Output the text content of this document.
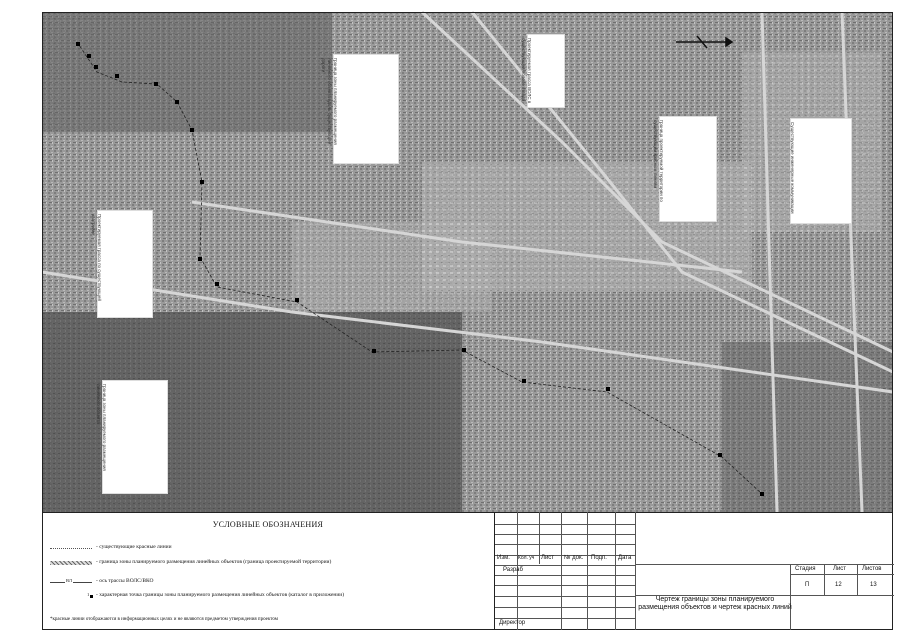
Граница зоны планируемого размещения линейного объекта вдоль существующей дороги	Проектируемая трасса ВОЛС в существующей полосе отвода
Граница проектируемой территории по существующим красным линиям	Существующие инженерные коммуникации
Проектируемая трасса по существующей застройке
Граница зоны планируемого размещения линейного объекта
УСЛОВНЫЕ ОБОЗНАЧЕНИЯ
- существующие красные линии
- граница зоны планируемого размещения линейных объектов (граница проектируемой территории)
ВЛ	- ось трассы ВОЛС/ВКО
1 - характерная точка границы зоны планируемого размещения линейных объектов (каталог в приложении)
*красные линии отображаются в информационных целях и не являются предметом утверждения проектом
Изм. Кол. уч Лист № док. Подп. Дата
Разраб
Директор
Стадия	Лист	Листов
П	12	13
Чертеж границы зоны планируемого размещения объектов и чертеж красных линий
